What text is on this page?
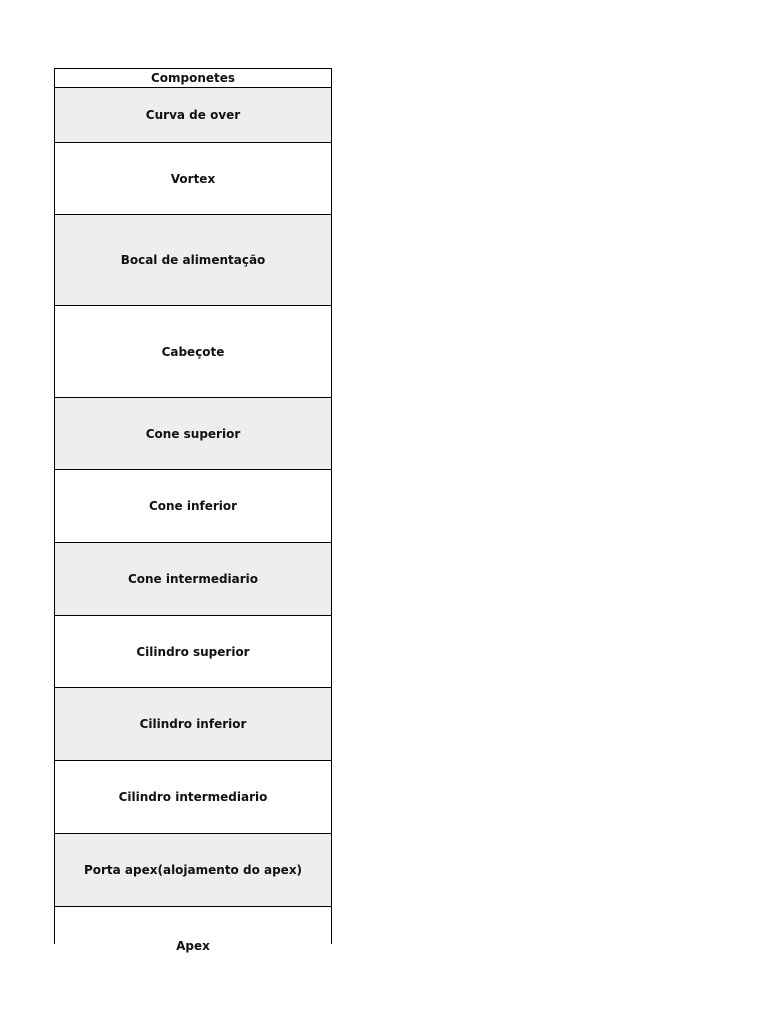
Componetes
Curva de over
Vortex
Bocal de alimentação
Cabeçote
Cone superior
Cone inferior
Cone intermediario
Cilindro superior
Cilindro inferior
Cilindro intermediario
Porta apex(alojamento do apex)
Apex
